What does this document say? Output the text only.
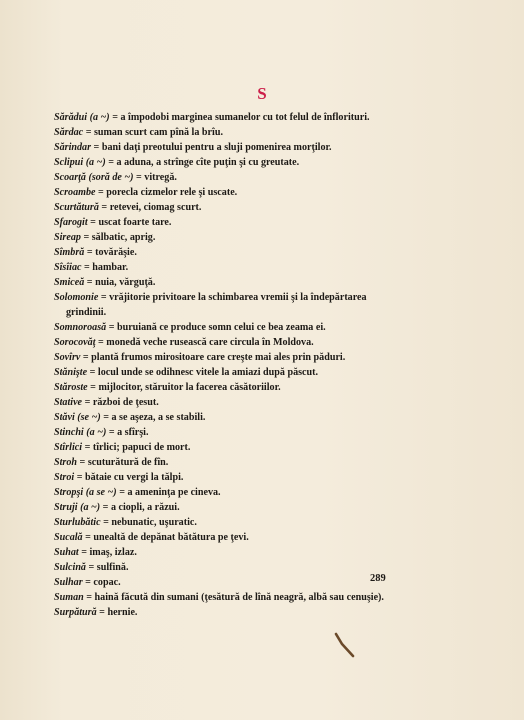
S
Sărădui (a ~) = a împodobi marginea sumanelor cu tot felul de înflorituri.
Sărdac = suman scurt cam pînă la brîu.
Sărindar = bani daţi preotului pentru a sluji pomenirea morţilor.
Sclipui (a ~) = a aduna, a strînge cîte puţin şi cu greutate.
Scoarţă (soră de ~) = vitregă.
Scroambe = porecla cizmelor rele şi uscate.
Scurtătură = retevei, ciomag scurt.
Sfarogit = uscat foarte tare.
Sireap = sălbatic, aprig.
Sîmbră = tovărăşie.
Sîsîiac = hambar.
Smiceă = nuia, vărguţă.
Solomonie = vrăjitorie privitoare la schimbarea vremii şi la îndepărtarea grindinii.
Somnoroasă = buruiană ce produce somn celui ce bea zeama ei.
Sorocovăţ = monedă veche rusească care circula în Moldova.
Sovîrv = plantă frumos mirositoare care creşte mai ales prin păduri.
Stăniştе = locul unde se odihnesc vitele la amiazi după păscut.
Stăroste = mijlocitor, stăruitor la facerea căsătoriilor.
Stative = război de ţesut.
Stăvi (se ~) = a se aşeza, a se stabili.
Stinchi (a ~) = a sfîrşi.
Stîrlici = tîrlici; papuci de mort.
Stroh = scuturătură de fîn.
Stroi = bătaie cu vergi la tălpi.
Stropşi (a se ~) = a ameninţa pe cineva.
Struji (a ~) = a ciopli, a răzui.
Sturlubătic = nebunatic, uşuratic.
Sucală = unealtă de depănat bătătura pe ţevi.
Suhat = imaş, izlaz.
Sulcină = sulfină.
Sulhar = copac.
Suman = haină făcută din sumani (ţesătură de lînă neagră, albă sau cenuşie).
Surpătură = hernie.
289
